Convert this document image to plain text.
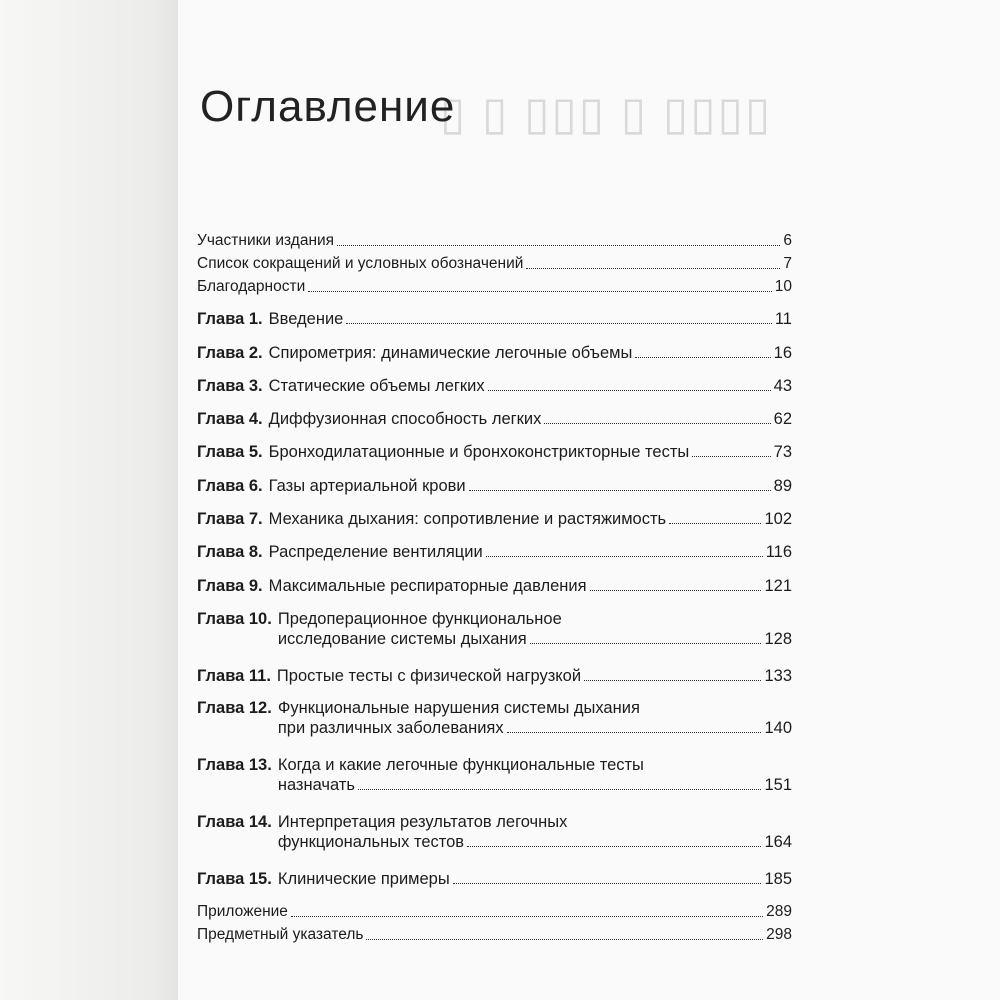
▯ ▯ ▯▯▯ ▯ ▯▯▯▯
Оглавление
Участники издания	6
Список сокращений и условных обозначений	7
Благодарности	10
Глава 1. Введение	11
Глава 2. Спирометрия: динамические легочные объемы	16
Глава 3. Статические объемы легких	43
Глава 4. Диффузионная способность легких	62
Глава 5. Бронходилатационные и бронхоконстрикторные тесты	73
Глава 6. Газы артериальной крови	89
Глава 7. Механика дыхания: сопротивление и растяжимость	102
Глава 8. Распределение вентиляции	116
Глава 9. Максимальные респираторные давления	121
Глава 10. Предоперационное функциональное
исследование системы дыхания	128
Глава 11. Простые тесты с физической нагрузкой	133
Глава 12. Функциональные нарушения системы дыхания
при различных заболеваниях	140
Глава 13. Когда и какие легочные функциональные тесты
назначать	151
Глава 14. Интерпретация результатов легочных
функциональных тестов	164
Глава 15. Клинические примеры	185
Приложение	289
Предметный указатель	298
